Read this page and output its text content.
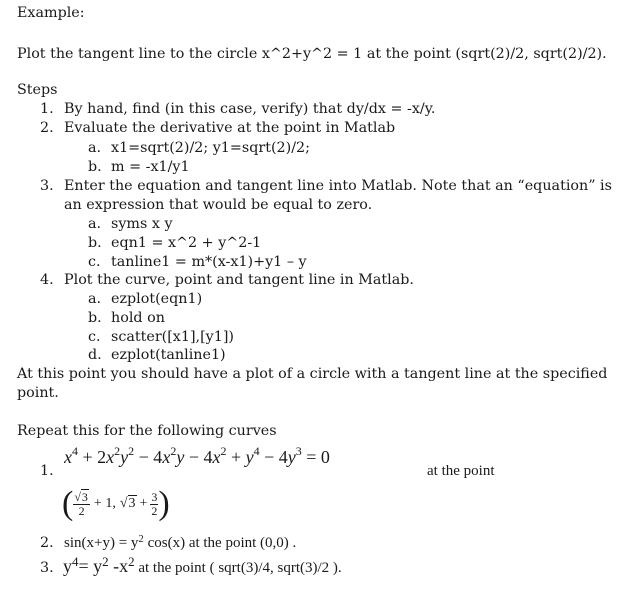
Example:
Plot the tangent line to the circle x^2+y^2 = 1 at the point (sqrt(2)/2, sqrt(2)/2).
Steps
1. By hand, find (in this case, verify) that dy/dx = -x/y.
2. Evaluate the derivative at the point in Matlab
a. x1=sqrt(2)/2; y1=sqrt(2)/2;
b. m = -x1/y1
3. Enter the equation and tangent line into Matlab. Note that an “equation” is
an expression that would be equal to zero.
a. syms x y
b. eqn1 = x^2 + y^2-1
c. tanline1 = m*(x-x1)+y1 – y
4. Plot the curve, point and tangent line in Matlab.
a. ezplot(eqn1)
b. hold on
c. scatter([x1],[y1])
d. ezplot(tanline1)
At this point you should have a plot of a circle with a tangent line at the specified
point.
Repeat this for the following curves
1.
$x^4 + 2x^2y^2 - 4x^2y - 4x^2 + y^4 - 4y^3 = 0$
at the point
( $\frac{√3}{2} + 1$, √ $3 + \frac{3}{2}$ )
2. $\sin(x+y) = y^2$ cos(x) at the point (0,0) .
3. $y^4= y^2$ $-x^2$ at the point ( sqrt(3)/4, sqrt(3)/2 ).
